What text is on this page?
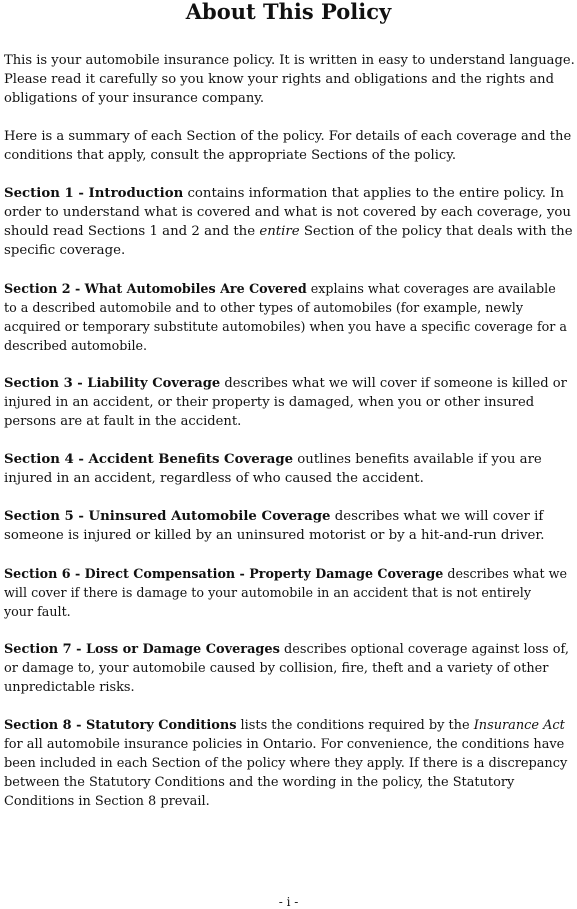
About This Policy

This is your automobile insurance policy. It is written in easy to understand language.
Please read it carefully so you know your rights and obligations and the rights and
obligations of your insurance company.

Here is a summary of each Section of the policy. For details of each coverage and the
conditions that apply, consult the appropriate Sections of the policy.

Section 1 - Introduction contains information that applies to the entire policy. In
order to understand what is covered and what is not covered by each coverage, you
should read Sections 1 and 2 and the entire Section of the policy that deals with the
specific coverage.

Section 2 - What Automobiles Are Covered explains what coverages are available
to a described automobile and to other types of automobiles (for example, newly
acquired or temporary substitute automobiles) when you have a specific coverage for a
described automobile.

Section 3 - Liability Coverage describes what we will cover if someone is killed or
injured in an accident, or their property is damaged, when you or other insured
persons are at fault in the accident.

Section 4 - Accident Benefits Coverage outlines benefits available if you are
injured in an accident, regardless of who caused the accident.

Section 5 - Uninsured Automobile Coverage describes what we will cover if
someone is injured or killed by an uninsured motorist or by a hit-and-run driver.

Section 6 - Direct Compensation - Property Damage Coverage describes what we
will cover if there is damage to your automobile in an accident that is not entirely
your fault.

Section 7 - Loss or Damage Coverages describes optional coverage against loss of,
or damage to, your automobile caused by collision, fire, theft and a variety of other
unpredictable risks.

Section 8 - Statutory Conditions lists the conditions required by the Insurance Act
for all automobile insurance policies in Ontario. For convenience, the conditions have
been included in each Section of the policy where they apply. If there is a discrepancy
between the Statutory Conditions and the wording in the policy, the Statutory
Conditions in Section 8 prevail.

- i -
